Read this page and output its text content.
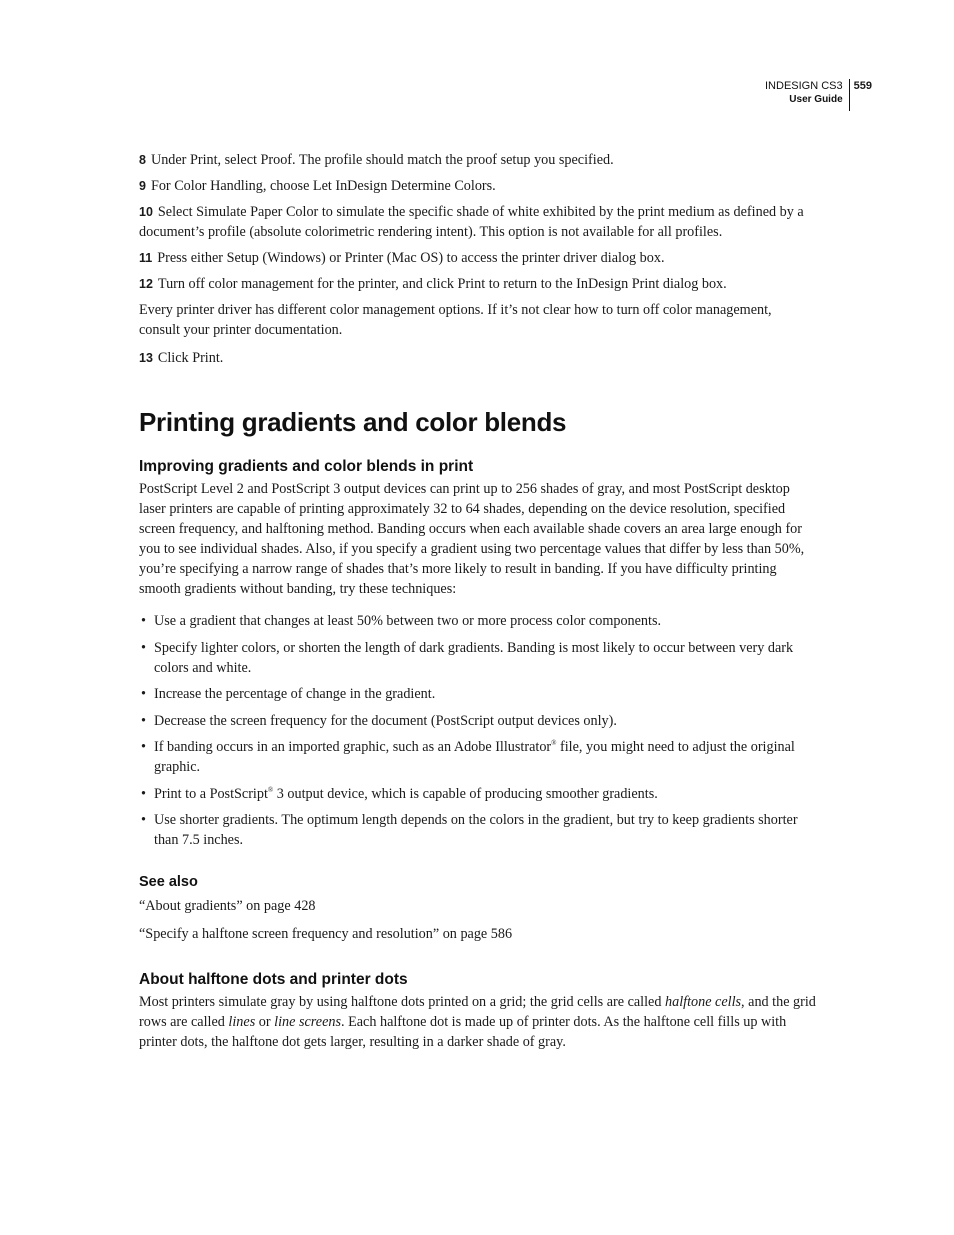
INDESIGN CS3
User Guide
559

8 Under Print, select Proof. The profile should match the proof setup you specified.

9 For Color Handling, choose Let InDesign Determine Colors.

10 Select Simulate Paper Color to simulate the specific shade of white exhibited by the print medium as defined by a document’s profile (absolute colorimetric rendering intent). This option is not available for all profiles.

11 Press either Setup (Windows) or Printer (Mac OS) to access the printer driver dialog box.

12 Turn off color management for the printer, and click Print to return to the InDesign Print dialog box.

Every printer driver has different color management options. If it’s not clear how to turn off color management, consult your printer documentation.

13 Click Print.

Printing gradients and color blends
Improving gradients and color blends in print

PostScript Level 2 and PostScript 3 output devices can print up to 256 shades of gray, and most PostScript desktop laser printers are capable of printing approximately 32 to 64 shades, depending on the device resolution, specified screen frequency, and halftoning method. Banding occurs when each available shade covers an area large enough for you to see individual shades. Also, if you specify a gradient using two percentage values that differ by less than 50%, you’re specifying a narrow range of shades that’s more likely to result in banding. If you have difficulty printing smooth gradients without banding, try these techniques:

• Use a gradient that changes at least 50% between two or more process color components.
• Specify lighter colors, or shorten the length of dark gradients. Banding is most likely to occur between very dark colors and white.
• Increase the percentage of change in the gradient.
• Decrease the screen frequency for the document (PostScript output devices only).
• If banding occurs in an imported graphic, such as an Adobe Illustrator® file, you might need to adjust the original graphic.
• Print to a PostScript® 3 output device, which is capable of producing smoother gradients.
• Use shorter gradients. The optimum length depends on the colors in the gradient, but try to keep gradients shorter than 7.5 inches.
See also

“About gradients” on page 428

“Specify a halftone screen frequency and resolution” on page 586

About halftone dots and printer dots

Most printers simulate gray by using halftone dots printed on a grid; the grid cells are called halftone cells, and the grid rows are called lines or line screens. Each halftone dot is made up of printer dots. As the halftone cell fills up with printer dots, the halftone dot gets larger, resulting in a darker shade of gray.
